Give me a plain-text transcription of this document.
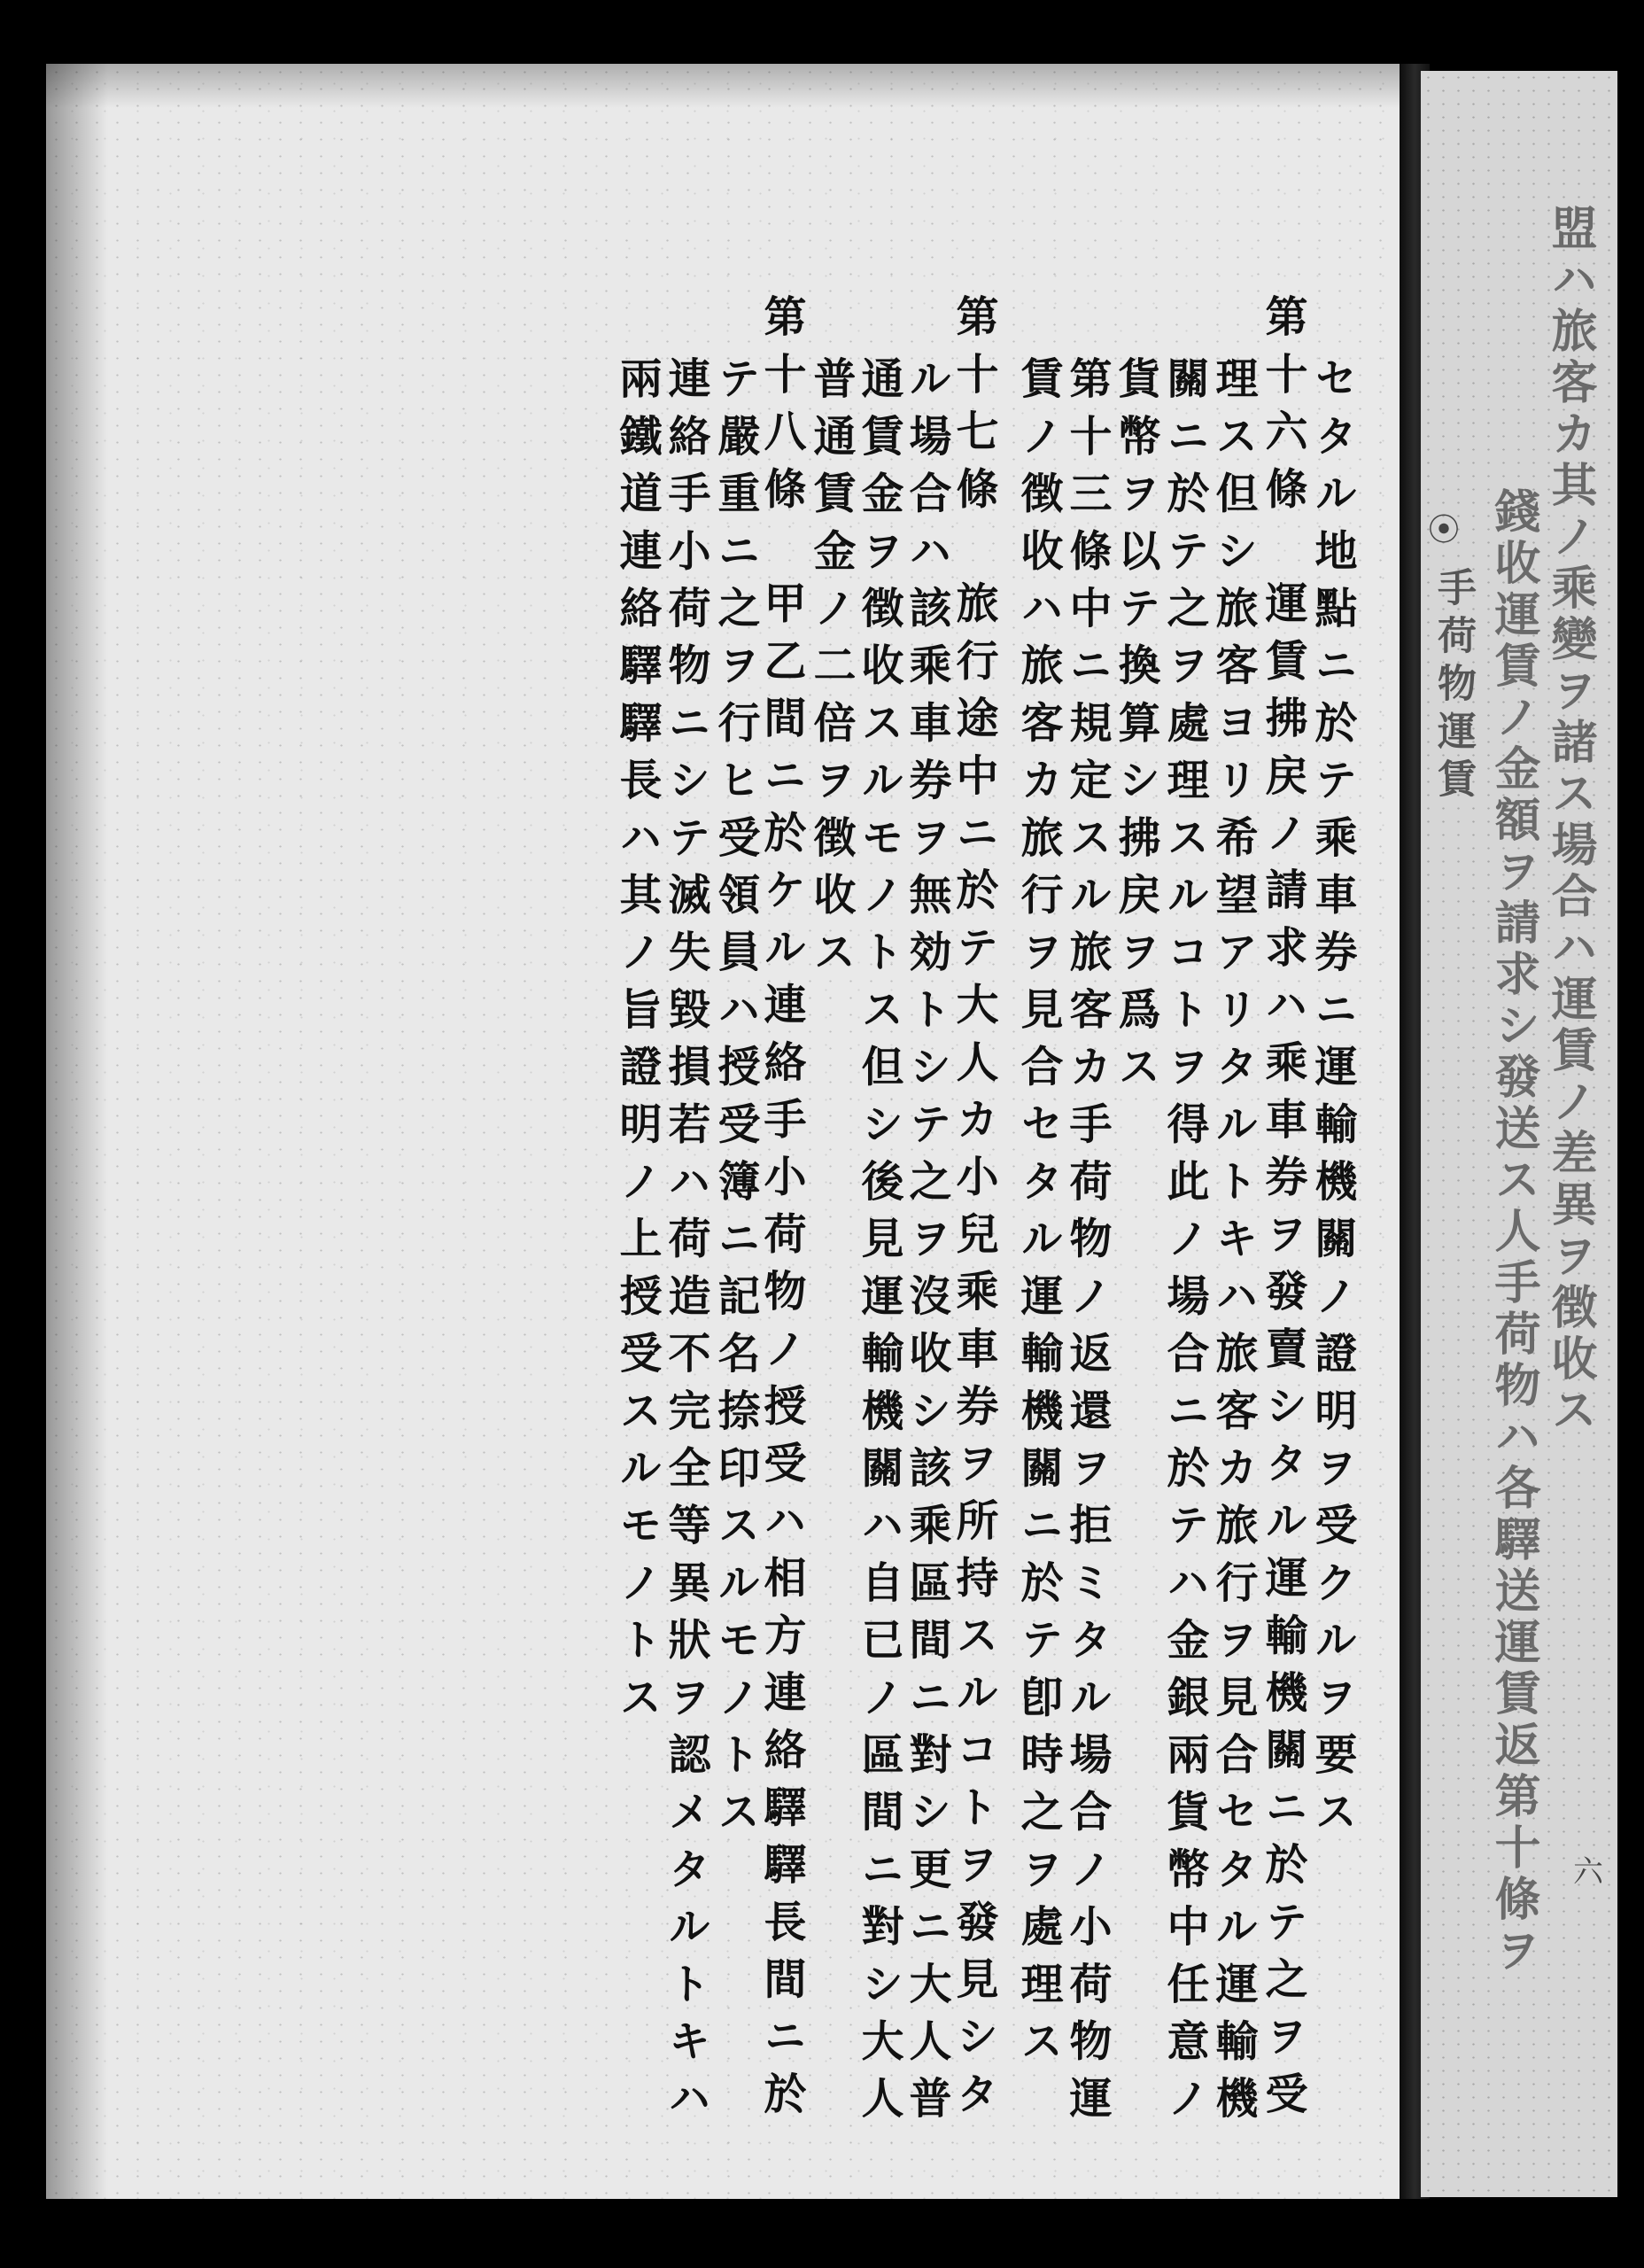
セタル地點ニ於テ乘車券ニ運輸機關ノ證明ヲ受クルヲ要ス
第十六條　運賃拂戻ノ請求ハ乘車券ヲ發賣シタル運輸機關ニ於テ之ヲ受
理ス但シ旅客ヨリ希望アリタルトキハ旅客カ旅行ヲ見合セタル運輸機
關ニ於テ之ヲ處理スルコトヲ得此ノ場合ニ於テハ金銀兩貨幣中任意ノ
貨幣ヲ以テ換算シ拂戻ヲ爲ス
第十三條中ニ規定スル旅客カ手荷物ノ返還ヲ拒ミタル場合ノ小荷物運
賃ノ徴收ハ旅客カ旅行ヲ見合セタル運輸機關ニ於テ卽時之ヲ處理ス
第十七條　旅行途中ニ於テ大人カ小兒乘車券ヲ所持スルコトヲ發見シタ
ル場合ハ該乘車券ヲ無効トシテ之ヲ沒收シ該乘區間ニ對シ更ニ大人普
通賃金ヲ徴收スルモノトス但シ後見運輸機關ハ自已ノ區間ニ對シ大人
普通賃金ノ二倍ヲ徴收ス
第十八條　甲乙間ニ於ケル連絡手小荷物ノ授受ハ相方連絡驛驛長間ニ於
テ嚴重ニ之ヲ行ヒ受領員ハ授受簿ニ記名捺印スルモノトス
連絡手小荷物ニシテ滅失毀損若ハ荷造不完全等異狀ヲ認メタルトキハ
兩鐵道連絡驛驛長ハ其ノ旨證明ノ上授受スルモノトス	盟ハ旅客カ其ノ乘變ヲ諸ス場合ハ運賃ノ差異ヲ徴收ス
錢收運賃ノ金額ヲ請求シ發送ス人手荷物ハ各驛送運賃返第十條ヲ
⦿
手荷物運賃
六
